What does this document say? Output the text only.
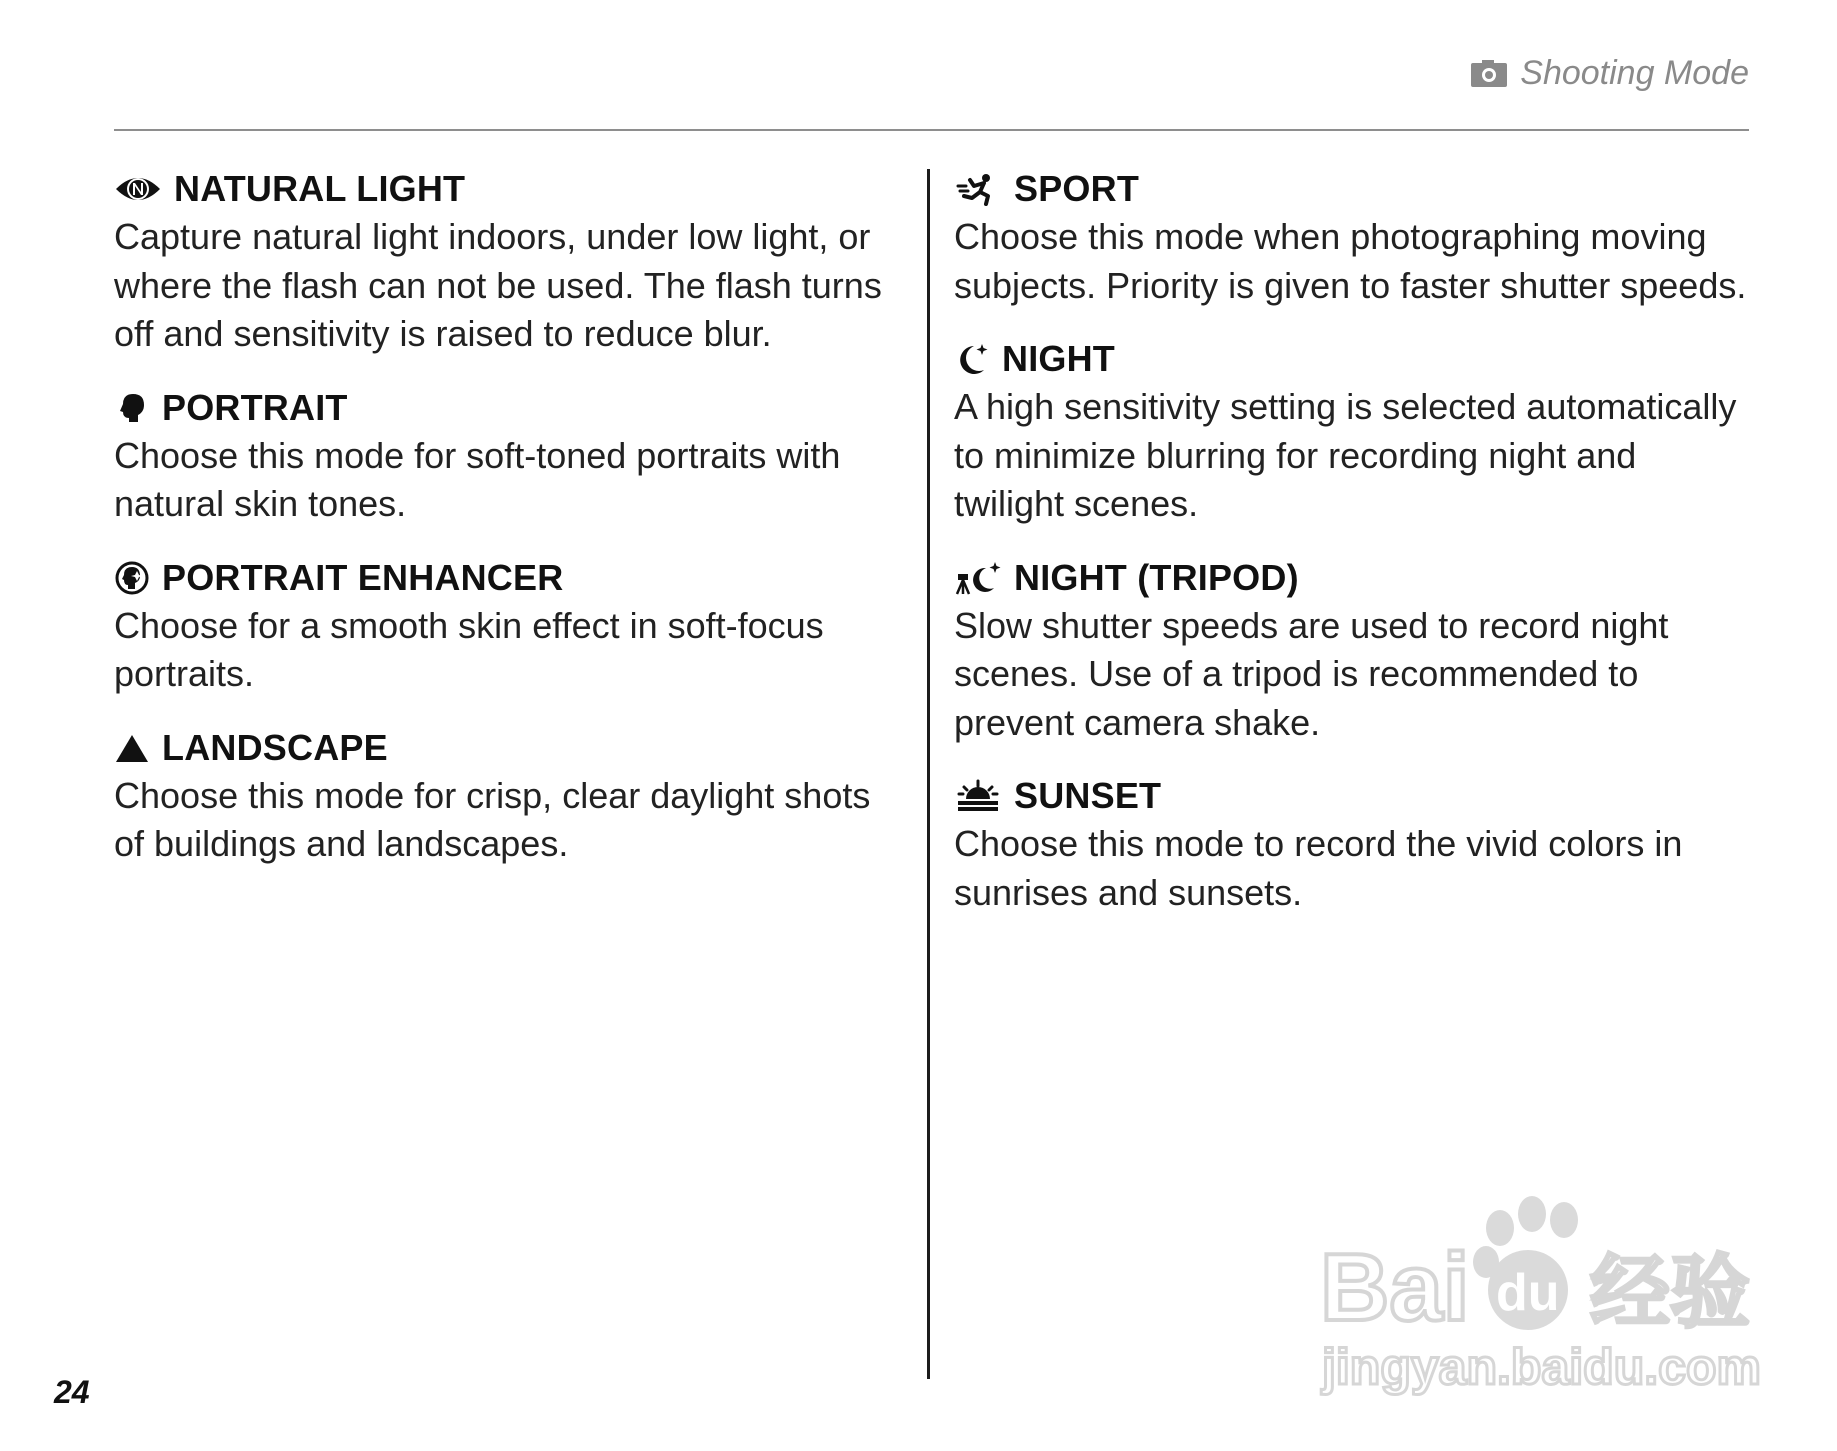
Shooting Mode
NATURAL LIGHT

Capture natural light indoors, under low light, or where the flash can not be used. The flash turns off and sensitivity is raised to reduce blur.

PORTRAIT

Choose this mode for soft-toned portraits with natural skin tones.

PORTRAIT ENHANCER

Choose for a smooth skin effect in soft-focus portraits.

LANDSCAPE

Choose this mode for crisp, clear daylight shots of buildings and landscapes.

SPORT

Choose this mode when photographing moving subjects. Priority is given to faster shutter speeds.

NIGHT

A high sensitivity setting is selected automatically to minimize blurring for recording night and twilight scenes.

NIGHT (TRIPOD)

Slow shutter speeds are used to record night scenes. Use of a tripod is recommended to prevent camera shake.

SUNSET

Choose this mode to record the vivid colors in sunrises and sunsets.

24
Bai du 经验
jingyan.baidu.com
